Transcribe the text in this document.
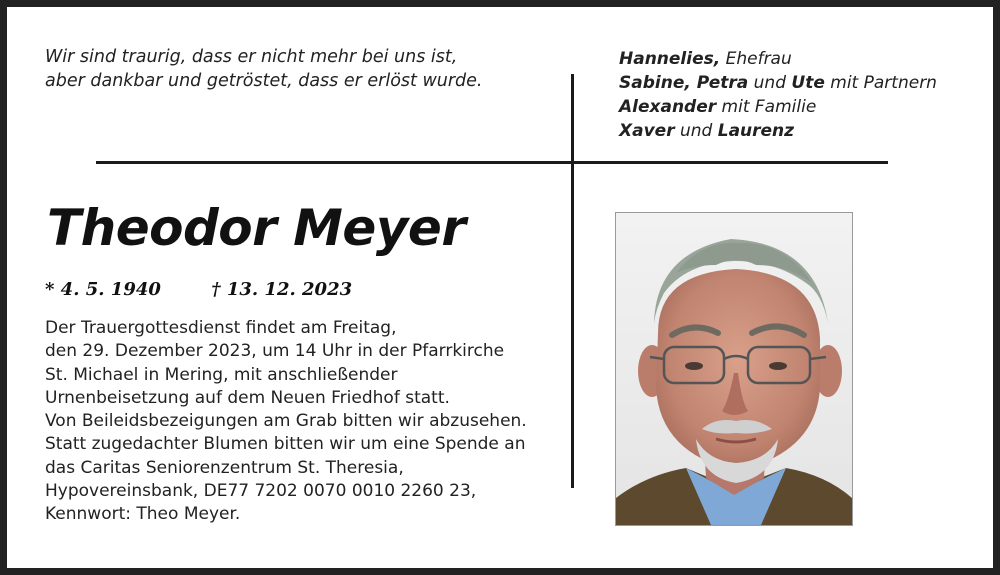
Wir sind traurig, dass er nicht mehr bei uns ist,
aber dankbar und getröstet, dass er erlöst wurde.
Hannelies, Ehefrau
Sabine, Petra und Ute mit Partnern
Alexander mit Familie
Xaver und Laurenz
Theodor Meyer
* 4. 5. 1940	† 13. 12. 2023
Der Trauergottesdienst findet am Freitag,
den 29. Dezember 2023, um 14 Uhr in der Pfarrkirche
St. Michael in Mering, mit anschließender
Urnenbeisetzung auf dem Neuen Friedhof statt.
Von Beileidsbezeigungen am Grab bitten wir abzusehen.
Statt zugedachter Blumen bitten wir um eine Spende an
das Caritas Seniorenzentrum St. Theresia,
Hypovereinsbank, DE77 7202 0070 0010 2260 23,
Kennwort: Theo Meyer.
